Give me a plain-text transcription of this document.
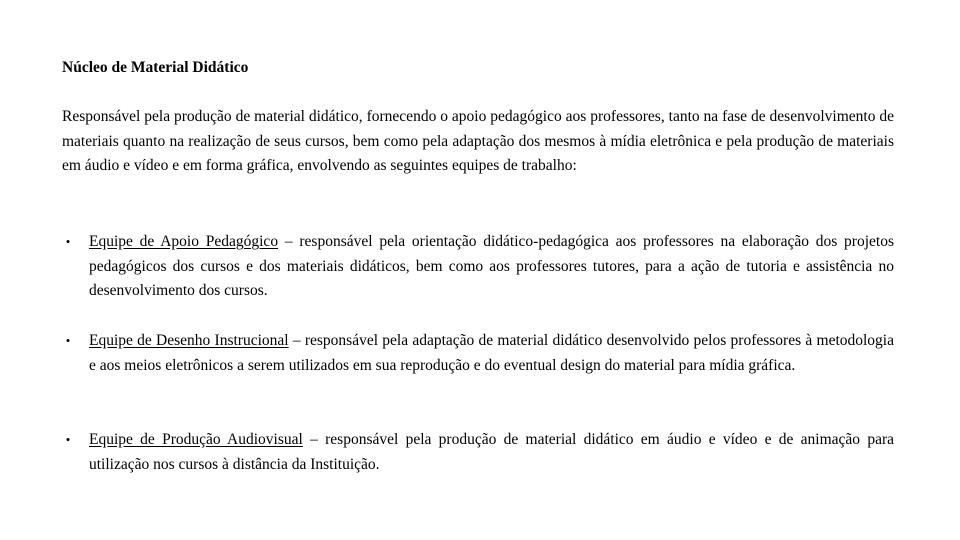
Núcleo de Material Didático

Responsável pela produção de material didático, fornecendo o apoio pedagógico aos professores, tanto na fase de desenvolvimento de materiais quanto na realização de seus cursos, bem como pela adaptação dos mesmos à mídia eletrônica e pela produção de materiais em áudio e vídeo e em forma gráfica, envolvendo as seguintes equipes de trabalho:

•	Equipe de Apoio Pedagógico – responsável pela orientação didático-pedagógica aos professores na elaboração dos projetos pedagógicos dos cursos e dos materiais didáticos, bem como aos professores tutores, para a ação de tutoria e assistência no desenvolvimento dos cursos.

•	Equipe de Desenho Instrucional – responsável pela adaptação de material didático desenvolvido pelos professores à metodologia e aos meios eletrônicos a serem utilizados em sua reprodução e do eventual design do material para mídia gráfica.

•	Equipe de Produção Audiovisual – responsável pela produção de material didático em áudio e vídeo e de animação para utilização nos cursos à distância da Instituição.
